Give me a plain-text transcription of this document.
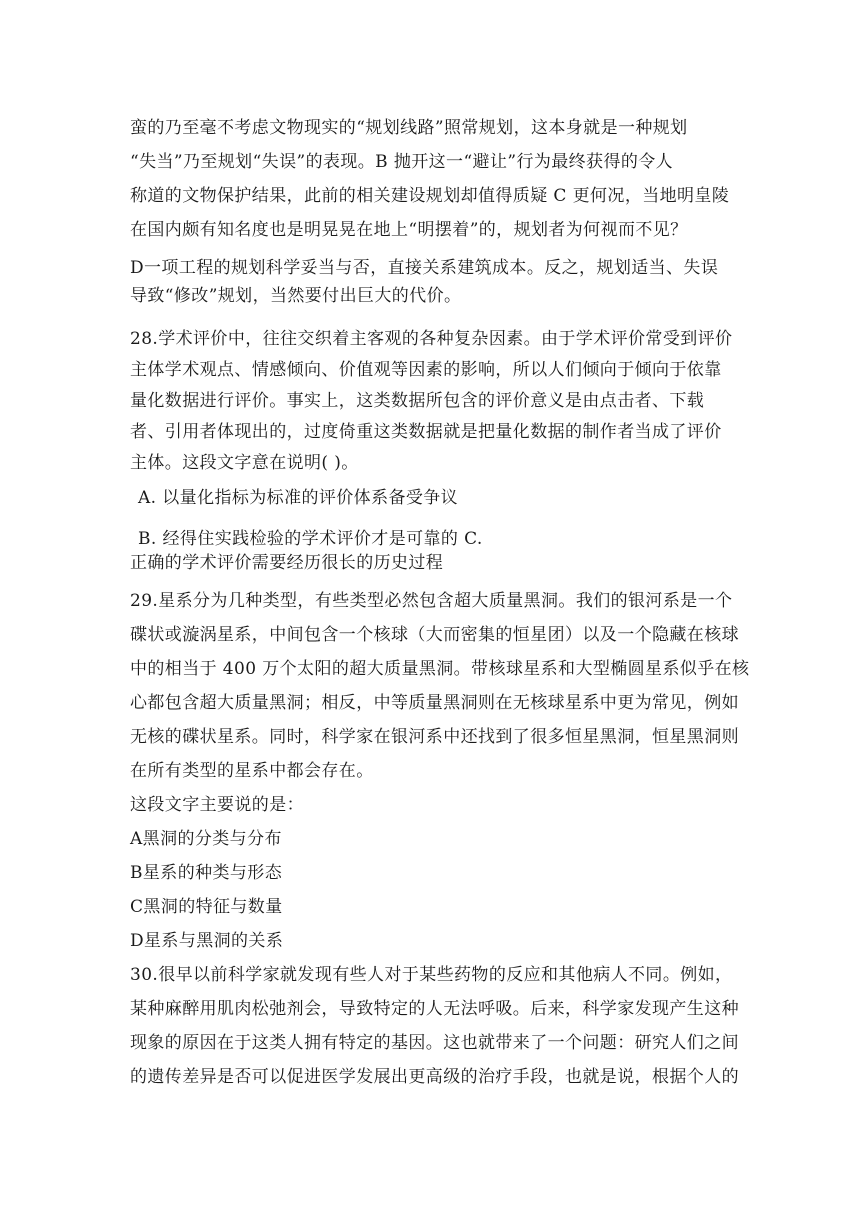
蛮的乃至毫不考虑文物现实的“规划线路”照常规划，这本身就是一种规划
“失当”乃至规划“失误”的表现。B 抛开这一“避让”行为最终获得的令人
称道的文物保护结果，此前的相关建设规划却值得质疑 C 更何况，当地明皇陵
在国内颇有知名度也是明晃晃在地上“明摆着”的，规划者为何视而不见？
D一项工程的规划科学妥当与否，直接关系建筑成本。反之，规划适当、失误
导致“修改”规划，当然要付出巨大的代价。
28.学术评价中，往往交织着主客观的各种复杂因素。由于学术评价常受到评价
主体学术观点、情感倾向、价值观等因素的影响，所以人们倾向于倾向于依靠
量化数据进行评价。事实上，这类数据所包含的评价意义是由点击者、下载
者、引用者体现出的，过度倚重这类数据就是把量化数据的制作者当成了评价
主体。这段文字意在说明( )。
A. 以量化指标为标准的评价体系备受争议
B. 经得住实践检验的学术评价才是可靠的 C.
正确的学术评价需要经历很长的历史过程
29.星系分为几种类型，有些类型必然包含超大质量黑洞。我们的银河系是一个
碟状或漩涡星系，中间包含一个核球（大而密集的恒星团）以及一个隐藏在核球
中的相当于 400 万个太阳的超大质量黑洞。带核球星系和大型椭圆星系似乎在核
心都包含超大质量黑洞；相反，中等质量黑洞则在无核球星系中更为常见，例如
无核的碟状星系。同时，科学家在银河系中还找到了很多恒星黑洞，恒星黑洞则
在所有类型的星系中都会存在。
这段文字主要说的是：
A黑洞的分类与分布
B星系的种类与形态
C黑洞的特征与数量
D星系与黑洞的关系
30.很早以前科学家就发现有些人对于某些药物的反应和其他病人不同。例如，
某种麻醉用肌肉松弛剂会，导致特定的人无法呼吸。后来，科学家发现产生这种
现象的原因在于这类人拥有特定的基因。这也就带来了一个问题：研究人们之间
的遗传差异是否可以促进医学发展出更高级的治疗手段，也就是说，根据个人的
